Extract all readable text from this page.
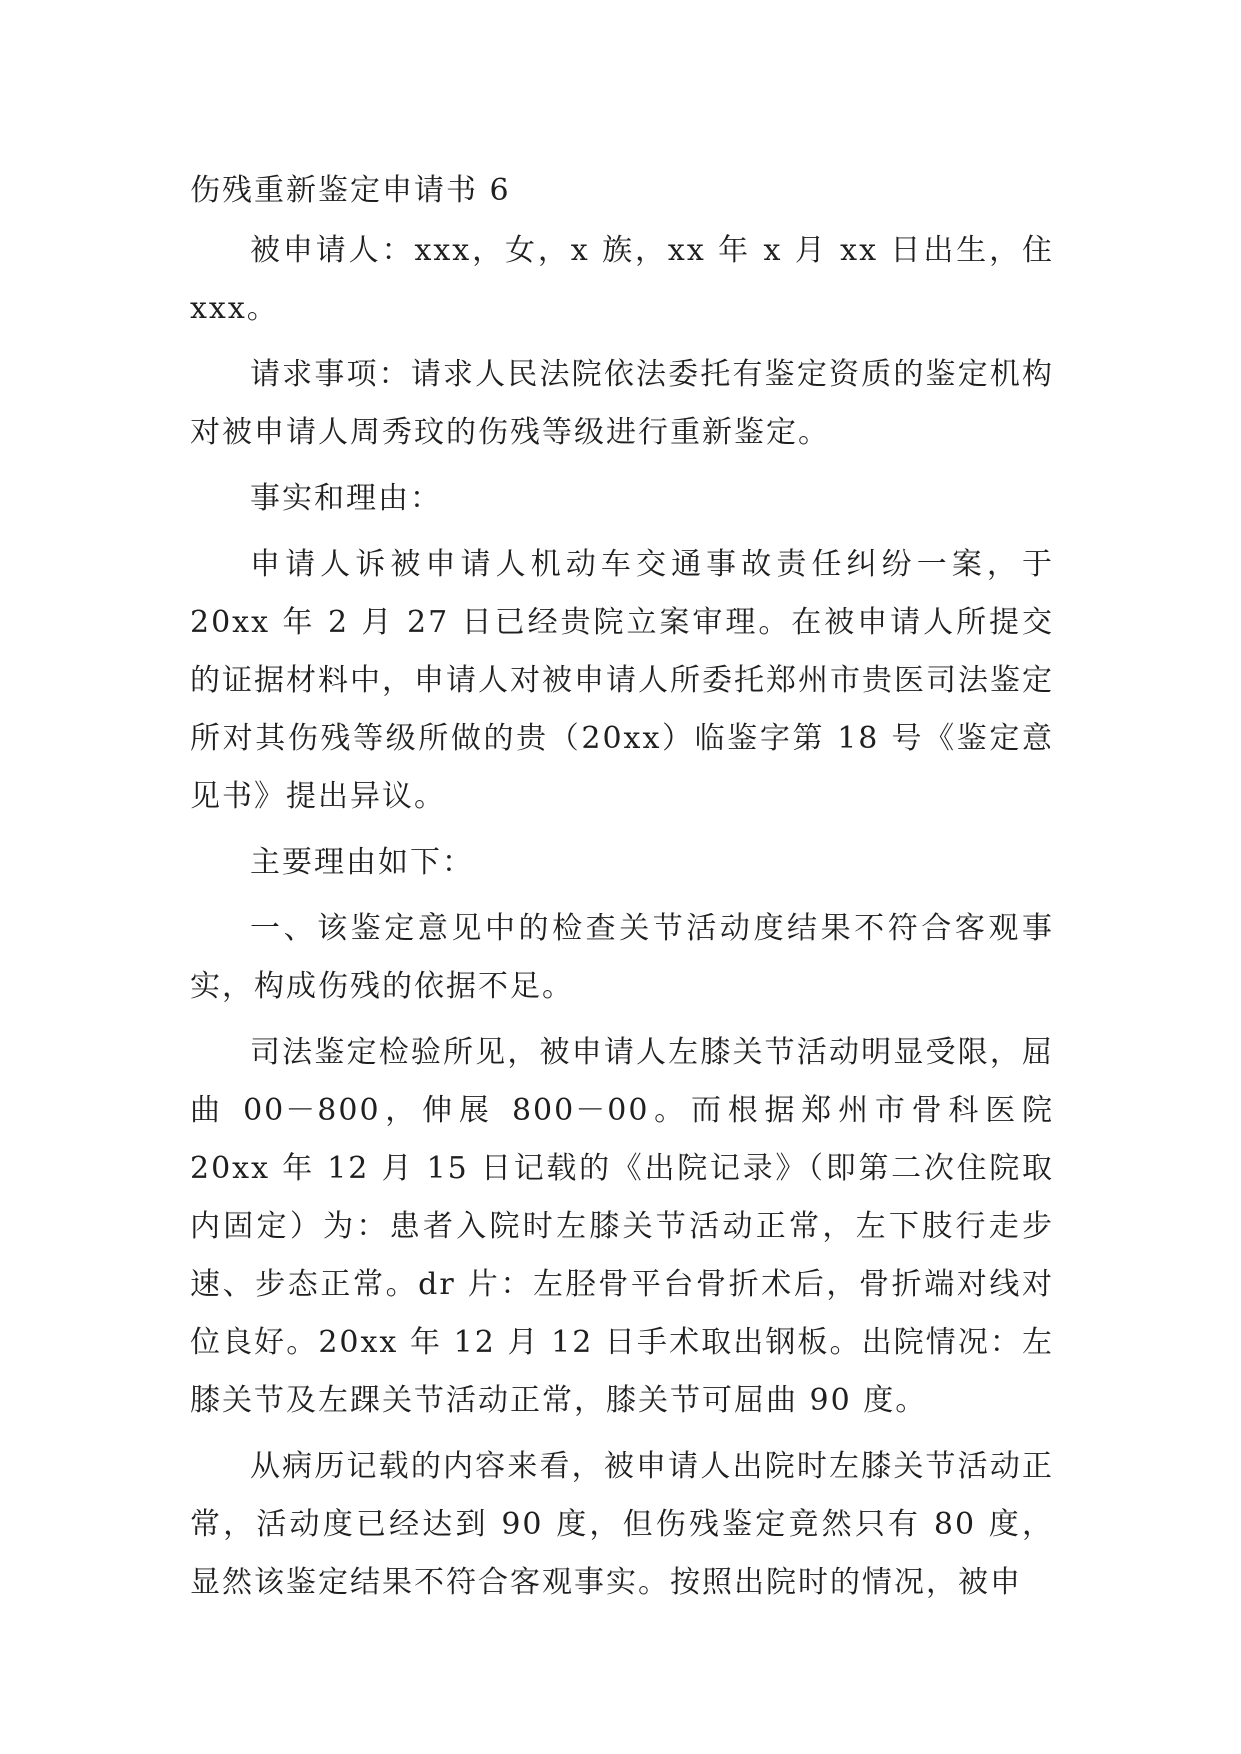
伤残重新鉴定申请书 6

被申请人：xxx，女，x 族，xx 年 x 月 xx 日出生，住 xxx。

请求事项：请求人民法院依法委托有鉴定资质的鉴定机构对被申请人周秀玟的伤残等级进行重新鉴定。

事实和理由：

申请人诉被申请人机动车交通事故责任纠纷一案，于 20xx 年 2 月 27 日已经贵院立案审理。在被申请人所提交的证据材料中，申请人对被申请人所委托郑州市贵医司法鉴定所对其伤残等级所做的贵（20xx）临鉴字第 18 号《鉴定意见书》提出异议。

主要理由如下：

一、该鉴定意见中的检查关节活动度结果不符合客观事实，构成伤残的依据不足。

司法鉴定检验所见，被申请人左膝关节活动明显受限，屈曲 00－800，伸展 800－00。而根据郑州市骨科医院 20xx 年 12 月 15 日记载的《出院记录》（即第二次住院取内固定）为：患者入院时左膝关节活动正常，左下肢行走步速、步态正常。dr 片：左胫骨平台骨折术后，骨折端对线对位良好。20xx 年 12 月 12 日手术取出钢板。出院情况：左膝关节及左踝关节活动正常，膝关节可屈曲 90 度。

从病历记载的内容来看，被申请人出院时左膝关节活动正常，活动度已经达到 90 度，但伤残鉴定竟然只有 80 度，显然该鉴定结果不符合客观事实。按照出院时的情况，被申
